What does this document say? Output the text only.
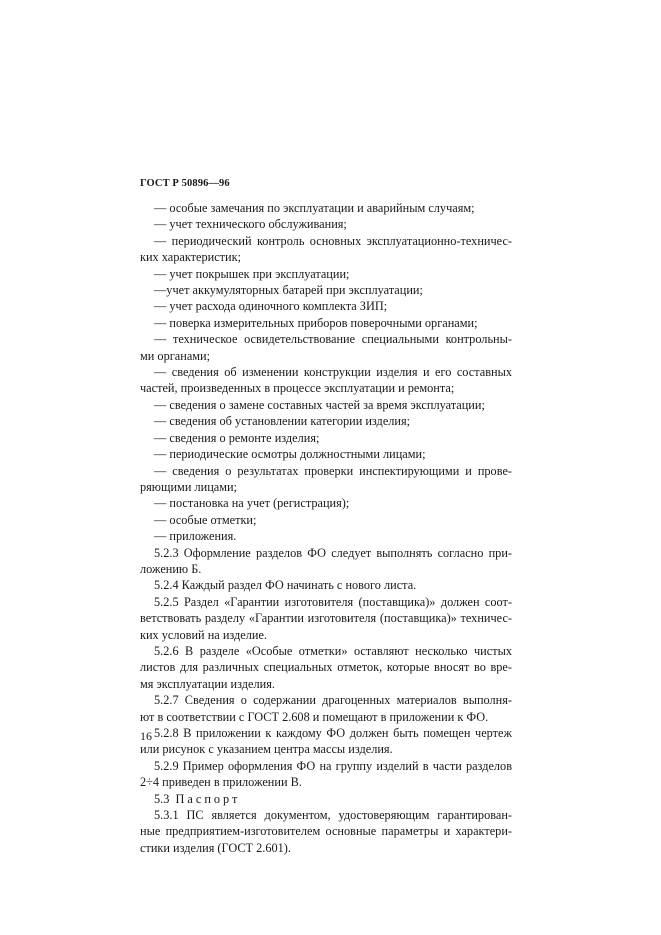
ГОСТ Р 50896—96

— особые замечания по эксплуатации и аварийным случаям;

— учет технического обслуживания;

— периодический контроль основных эксплуатационно-техничес-

ких характеристик;

— учет покрышек при эксплуатации;

—учет аккумуляторных батарей при эксплуатации;

— учет расхода одиночного комплекта ЗИП;

— поверка измерительных приборов поверочными органами;

— техническое освидетельствование специальными контрольны-

ми органами;

— сведения об изменении конструкции изделия и его составных

частей, произведенных в процессе эксплуатации и ремонта;

— сведения о замене составных частей за время эксплуатации;

— сведения об установлении категории изделия;

— сведения о ремонте изделия;

— периодические осмотры должностными лицами;

— сведения о результатах проверки инспектирующими и прове-

ряющими лицами;

— постановка на учет (регистрация);

— особые отметки;

— приложения.

5.2.3 Оформление разделов ФО следует выполнять согласно при-

ложению Б.

5.2.4 Каждый раздел ФО начинать с нового листа.

5.2.5 Раздел «Гарантии изготовителя (поставщика)» должен соот-

ветствовать разделу «Гарантии изготовителя (поставщика)» техничес-

ких условий на изделие.

5.2.6 В разделе «Особые отметки» оставляют несколько чистых

листов для различных специальных отметок, которые вносят во вре-

мя эксплуатации изделия.

5.2.7 Сведения о содержании драгоценных материалов выполня-

ют в соответствии с ГОСТ 2.608 и помещают в приложении к ФО.

5.2.8 В приложении к каждому ФО должен быть помещен чертеж

или рисунок с указанием центра массы изделия.

5.2.9 Пример оформления ФО на группу изделий в части разделов

2÷4 приведен в приложении В.

5.3 Паспорт

5.3.1 ПС является документом, удостоверяющим гарантирован-

ные предприятием-изготовителем основные параметры и характери-

стики изделия (ГОСТ 2.601).

16
